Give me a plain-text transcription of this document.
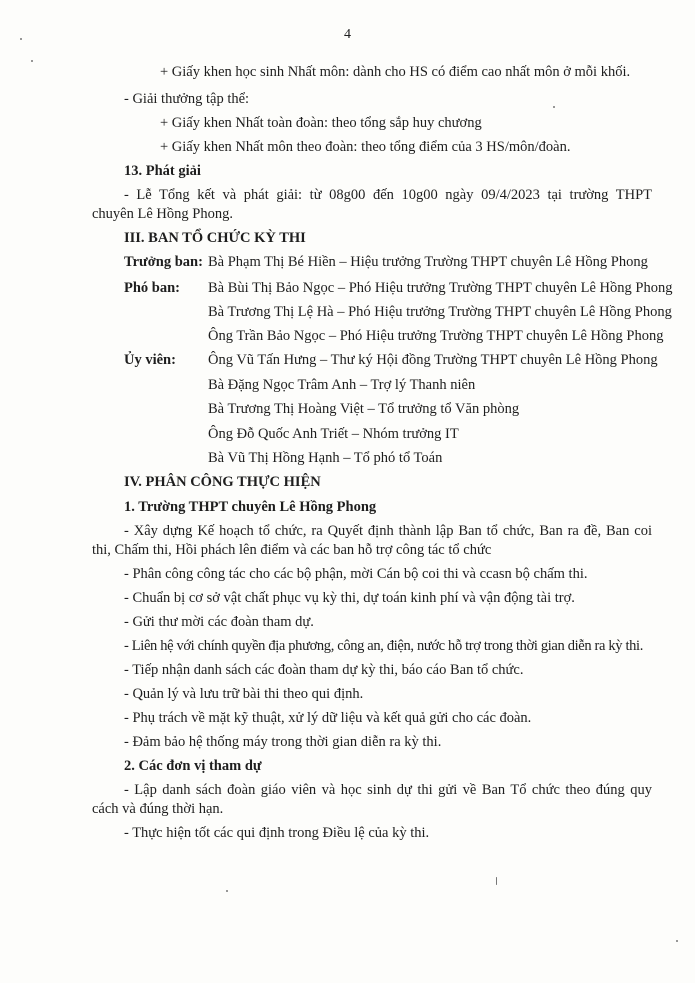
4
+ Giấy khen học sinh Nhất môn: dành cho HS có điểm cao nhất môn ở mỗi khối.
- Giải thưởng tập thể:
+ Giấy khen Nhất toàn đoàn: theo tổng sắp huy chương
+ Giấy khen Nhất môn theo đoàn: theo tổng điểm của 3 HS/môn/đoàn.
13. Phát giải
- Lễ Tổng kết và phát giải: từ 08g00 đến 10g00 ngày 09/4/2023 tại trường THPT
chuyên Lê Hồng Phong.
III. BAN TỔ CHỨC KỲ THI
Trưởng ban: Bà Phạm Thị Bé Hiền – Hiệu trưởng Trường THPT chuyên Lê Hồng Phong
Phó ban: Bà Bùi Thị Bảo Ngọc – Phó Hiệu trưởng Trường THPT chuyên Lê Hồng Phong
Bà Trương Thị Lệ Hà – Phó Hiệu trưởng Trường THPT chuyên Lê Hồng Phong
Ông Trần Bảo Ngọc – Phó Hiệu trưởng Trường THPT chuyên Lê Hồng Phong
Ủy viên: Ông Vũ Tấn Hưng – Thư ký Hội đồng Trường THPT chuyên Lê Hồng Phong
Bà Đặng Ngọc Trâm Anh – Trợ lý Thanh niên
Bà Trương Thị Hoàng Việt – Tổ trưởng tổ Văn phòng
Ông Đỗ Quốc Anh Triết – Nhóm trưởng IT
Bà Vũ Thị Hồng Hạnh – Tổ phó tổ Toán
IV. PHÂN CÔNG THỰC HIỆN
1. Trường THPT chuyên Lê Hồng Phong
- Xây dựng Kế hoạch tổ chức, ra Quyết định thành lập Ban tổ chức, Ban ra đề, Ban coi
thi, Chấm thi, Hồi phách lên điểm và các ban hỗ trợ công tác tổ chức
- Phân công công tác cho các bộ phận, mời Cán bộ coi thi và ccasn bộ chấm thi.
- Chuẩn bị cơ sở vật chất phục vụ kỳ thi, dự toán kinh phí và vận động tài trợ.
- Gửi thư mời các đoàn tham dự.
- Liên hệ với chính quyền địa phương, công an, điện, nước hỗ trợ trong thời gian diễn ra kỳ thi.
- Tiếp nhận danh sách các đoàn tham dự kỳ thi, báo cáo Ban tổ chức.
- Quản lý và lưu trữ bài thi theo qui định.
- Phụ trách về mặt kỹ thuật, xử lý dữ liệu và kết quả gửi cho các đoàn.
- Đảm bảo hệ thống máy trong thời gian diễn ra kỳ thi.
2. Các đơn vị tham dự
- Lập danh sách đoàn giáo viên và học sinh dự thi gửi về Ban Tổ chức theo đúng quy
cách và đúng thời hạn.
- Thực hiện tốt các qui định trong Điều lệ của kỳ thi.
